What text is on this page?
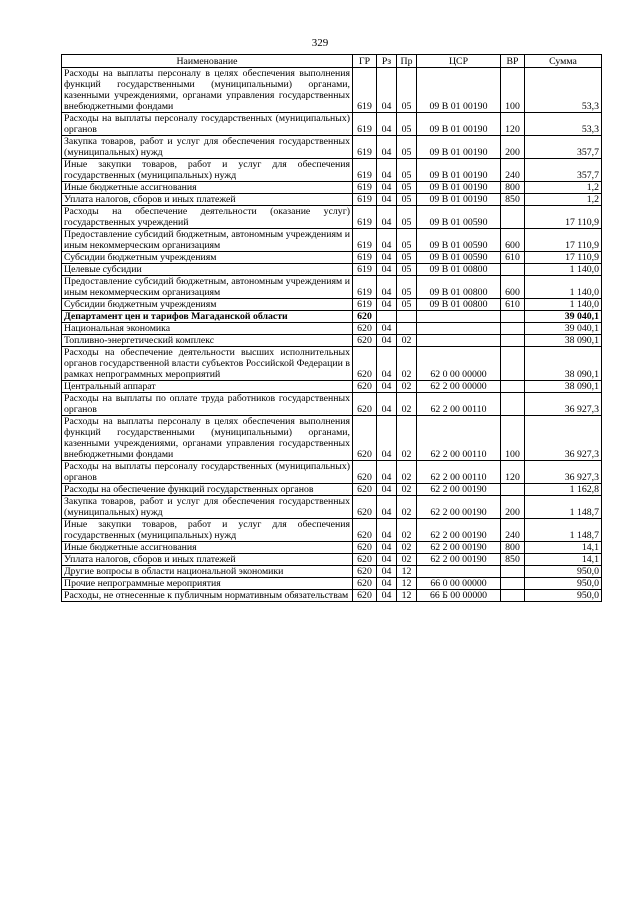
329
Наименование	ГР	Рз	Пр	ЦСР	ВР	Сумма
Расходы на выплаты персоналу в целях обеспечения выполнения функций государственными (муниципальными) органами, казенными учреждениями, органами управления государственных внебюджетными фондами	619	04	05	09 В 01 00190	100	53,3
Расходы на выплаты персоналу государственных (муниципальных) органов	619	04	05	09 В 01 00190	120	53,3
Закупка товаров, работ и услуг для обеспечения государственных (муниципальных) нужд	619	04	05	09 В 01 00190	200	357,7
Иные закупки товаров, работ и услуг для обеспечения государственных (муниципальных) нужд	619	04	05	09 В 01 00190	240	357,7
Иные бюджетные ассигнования	619	04	05	09 В 01 00190	800	1,2
Уплата налогов, сборов и иных платежей	619	04	05	09 В 01 00190	850	1,2
Расходы на обеспечение деятельности (оказание услуг) государственных учреждений	619	04	05	09 В 01 00590		17 110,9
Предоставление субсидий бюджетным, автономным учреждениям и иным некоммерческим организациям	619	04	05	09 В 01 00590	600	17 110,9
Субсидии бюджетным учреждениям	619	04	05	09 В 01 00590	610	17 110,9
Целевые субсидии	619	04	05	09 В 01 00800		1 140,0
Предоставление субсидий бюджетным, автономным учреждениям и иным некоммерческим организациям	619	04	05	09 В 01 00800	600	1 140,0
Субсидии бюджетным учреждениям	619	04	05	09 В 01 00800	610	1 140,0
Департамент цен и тарифов Магаданской области	620					39 040,1
Национальная экономика	620	04				39 040,1
Топливно-энергетический комплекс	620	04	02			38 090,1
Расходы на обеспечение деятельности высших исполнительных органов государственной власти субъектов Российской Федерации в рамках непрограммных мероприятий	620	04	02	62 0 00 00000		38 090,1
Центральный аппарат	620	04	02	62 2 00 00000		38 090,1
Расходы на выплаты по оплате труда работников государственных органов	620	04	02	62 2 00 00110		36 927,3
Расходы на выплаты персоналу в целях обеспечения выполнения функций государственными (муниципальными) органами, казенными учреждениями, органами управления государственных внебюджетными фондами	620	04	02	62 2 00 00110	100	36 927,3
Расходы на выплаты персоналу государственных (муниципальных) органов	620	04	02	62 2 00 00110	120	36 927,3
Расходы на обеспечение функций государственных органов	620	04	02	62 2 00 00190		1 162,8
Закупка товаров, работ и услуг для обеспечения государственных (муниципальных) нужд	620	04	02	62 2 00 00190	200	1 148,7
Иные закупки товаров, работ и услуг для обеспечения государственных (муниципальных) нужд	620	04	02	62 2 00 00190	240	1 148,7
Иные бюджетные ассигнования	620	04	02	62 2 00 00190	800	14,1
Уплата налогов, сборов и иных платежей	620	04	02	62 2 00 00190	850	14,1
Другие вопросы в области национальной экономики	620	04	12			950,0
Прочие непрограммные мероприятия	620	04	12	66 0 00 00000		950,0
Расходы, не отнесенные к публичным нормативным обязательствам	620	04	12	66 Б 00 00000		950,0
